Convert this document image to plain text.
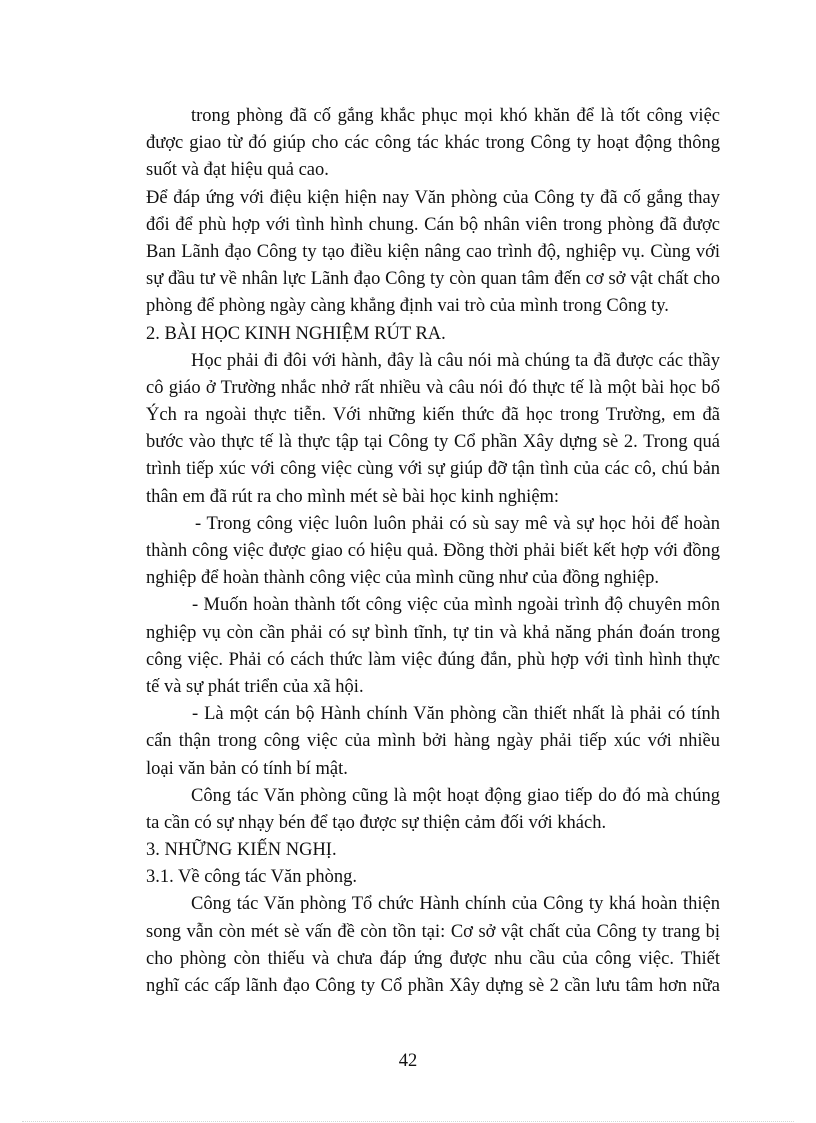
trong phòng đã cố gắng khắc phục mọi khó khăn để là tốt công việc
được giao từ đó giúp cho các công tác khác trong Công ty hoạt động thông
suốt và đạt hiệu quả cao.
Để đáp ứng với điệu kiện hiện nay Văn phòng của Công ty đã cố gắng thay
đổi để phù hợp với tình hình chung. Cán bộ nhân viên trong phòng đã được
Ban Lãnh đạo Công ty tạo điều kiện nâng cao trình độ, nghiệp vụ. Cùng với
sự đầu tư về nhân lực Lãnh đạo Công ty còn quan tâm đến cơ sở vật chất cho
phòng để phòng ngày càng khẳng định vai trò của mình trong Công ty.
2. BÀI HỌC KINH NGHIỆM RÚT RA.
Học phải đi đôi với hành, đây là câu nói mà chúng ta đã được các thầy
cô giáo ở Trường nhắc nhở rất nhiều và câu nói đó thực tế là một bài học bổ
Ých ra ngoài thực tiễn. Với những kiến thức đã học trong Trường, em đã
bước vào thực tế là thực tập tại Công ty Cổ phần Xây dựng sè 2. Trong quá
trình tiếp xúc với công việc cùng với sự giúp đỡ tận tình của các cô, chú bản
thân em đã rút ra cho mình mét sè bài học kinh nghiệm:
- Trong công việc luôn luôn phải có sù say mê và sự học hỏi để hoàn
thành công việc được giao có hiệu quả. Đồng thời phải biết kết hợp với đồng
nghiệp để hoàn thành công việc của mình cũng như của đồng nghiệp.
- Muốn hoàn thành tốt công việc của mình ngoài trình độ chuyên môn
nghiệp vụ còn cần phải có sự bình tĩnh, tự tin và khả năng phán đoán trong
công việc. Phải có cách thức làm việc đúng đắn, phù hợp với tình hình thực
tế và sự phát triển của xã hội.
- Là một cán bộ Hành chính Văn phòng cần thiết nhất là phải có tính
cẩn thận trong công việc của mình bởi hàng ngày phải tiếp xúc với nhiều
loại văn bản có tính bí mật.
Công tác Văn phòng cũng là một hoạt động giao tiếp do đó mà chúng
ta cần có sự nhạy bén để tạo được sự thiện cảm đối với khách.
3. NHỮNG KIẾN NGHỊ.
3.1. Về công tác Văn phòng.
Công tác Văn phòng Tổ chức Hành chính của Công ty khá hoàn thiện
song vẫn còn mét sè vấn đề còn tồn tại: Cơ sở vật chất của Công ty trang bị
cho phòng còn thiếu và chưa đáp ứng được nhu cầu của công việc. Thiết
nghĩ các cấp lãnh đạo Công ty Cổ phần Xây dựng sè 2 cần lưu tâm hơn nữa
42
